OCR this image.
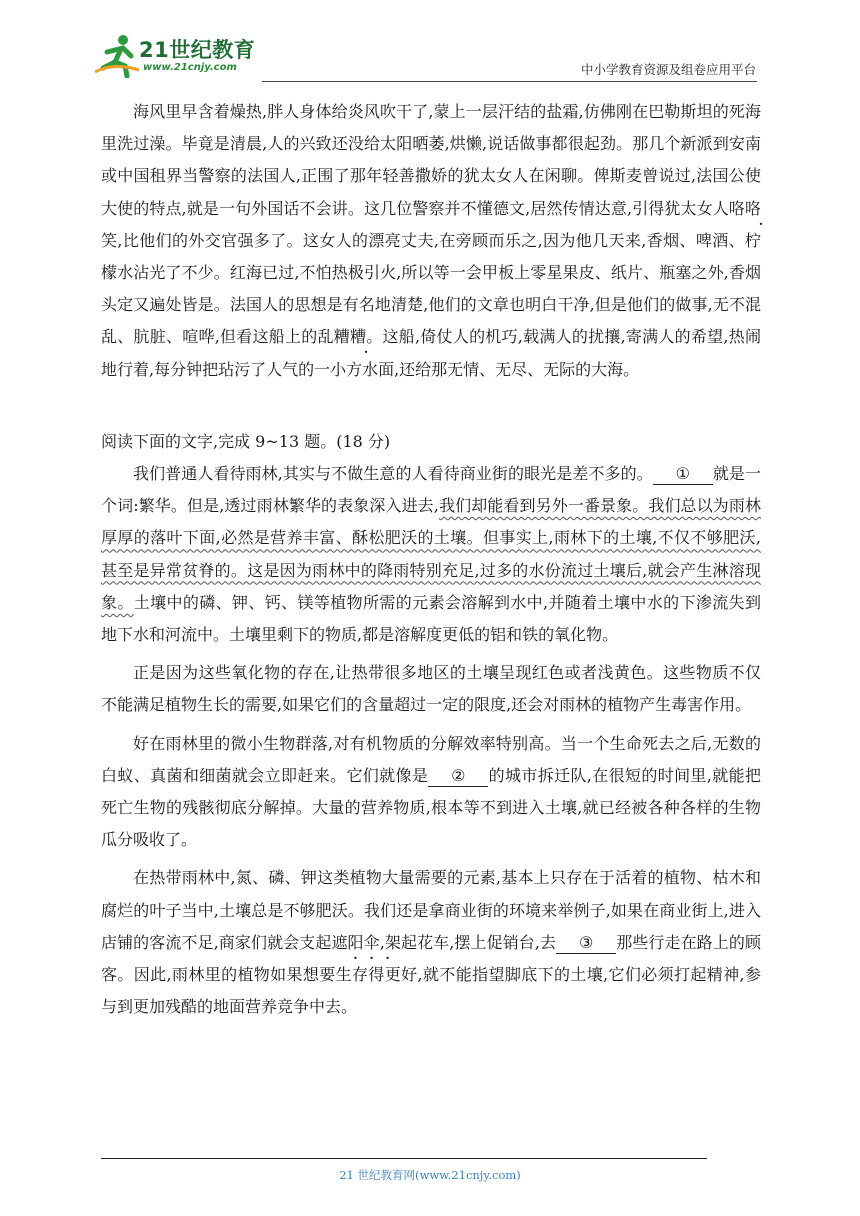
21世纪教育
www.21cnjy.com	中小学教育资源及组卷应用平台

海风里早含着燥热,胖人身体给炎风吹干了,蒙上一层汗结的盐霜,仿佛刚在巴勒斯坦的死海里洗过澡。毕竟是清晨,人的兴致还没给太阳晒萎,烘懒,说话做事都很起劲。那几个新派到安南或中国租界当警察的法国人,正围了那年轻善撒娇的犹太女人在闲聊。俾斯麦曾说过,法国公使大使的特点,就是一句外国话不会讲。这几位警察并不懂德文,居然传情达意,引得犹太女人咯咯笑,比他们的外交官强多了。这女人的漂亮丈夫,在旁顾而乐之,因为他几天来,香烟、啤酒、柠檬水沾光了不少。红海已过,不怕热极引火,所以等一会甲板上零星果皮、纸片、瓶塞之外,香烟头定又遍处皆是。法国人的思想是有名地清楚,他们的文章也明白干净,但是他们的做事,无不混乱、肮脏、喧哗,但看这船上的乱糟糟。这船,倚仗人的机巧,载满人的扰攘,寄满人的希望,热闹地行着,每分钟把玷污了人气的一小方水面,还给那无情、无尽、无际的大海。

阅读下面的文字,完成 9~13 题。(18 分)

我们普通人看待雨林,其实与不做生意的人看待商业街的眼光是差不多的。 ① 就是一个词:繁华。但是,透过雨林繁华的表象深入进去,我们却能看到另外一番景象。我们总以为雨林厚厚的落叶下面,必然是营养丰富、酥松肥沃的土壤。但事实上,雨林下的土壤,不仅不够肥沃,甚至是异常贫脊的。这是因为雨林中的降雨特别充足,过多的水份流过土壤后,就会产生淋溶现象。土壤中的磷、钾、钙、镁等植物所需的元素会溶解到水中,并随着土壤中水的下渗流失到地下水和河流中。土壤里剩下的物质,都是溶解度更低的铝和铁的氧化物。

正是因为这些氧化物的存在,让热带很多地区的土壤呈现红色或者浅黄色。这些物质不仅不能满足植物生长的需要,如果它们的含量超过一定的限度,还会对雨林的植物产生毒害作用。

好在雨林里的微小生物群落,对有机物质的分解效率特别高。当一个生命死去之后,无数的白蚁、真菌和细菌就会立即赶来。它们就像是 ② 的城市拆迁队,在很短的时间里,就能把死亡生物的残骸彻底分解掉。大量的营养物质,根本等不到进入土壤,就已经被各种各样的生物瓜分吸收了。

在热带雨林中,氮、磷、钾这类植物大量需要的元素,基本上只存在于活着的植物、枯木和腐烂的叶子当中,土壤总是不够肥沃。我们还是拿商业街的环境来举例子,如果在商业街上,进入店铺的客流不足,商家们就会支起遮阳伞,架起花车,摆上促销台,去 ③ 那些行走在路上的顾客。因此,雨林里的植物如果想要生存得更好,就不能指望脚底下的土壤,它们必须打起精神,参与到更加残酷的地面营养竞争中去。

21 世纪教育网(www.21cnjy.com)
